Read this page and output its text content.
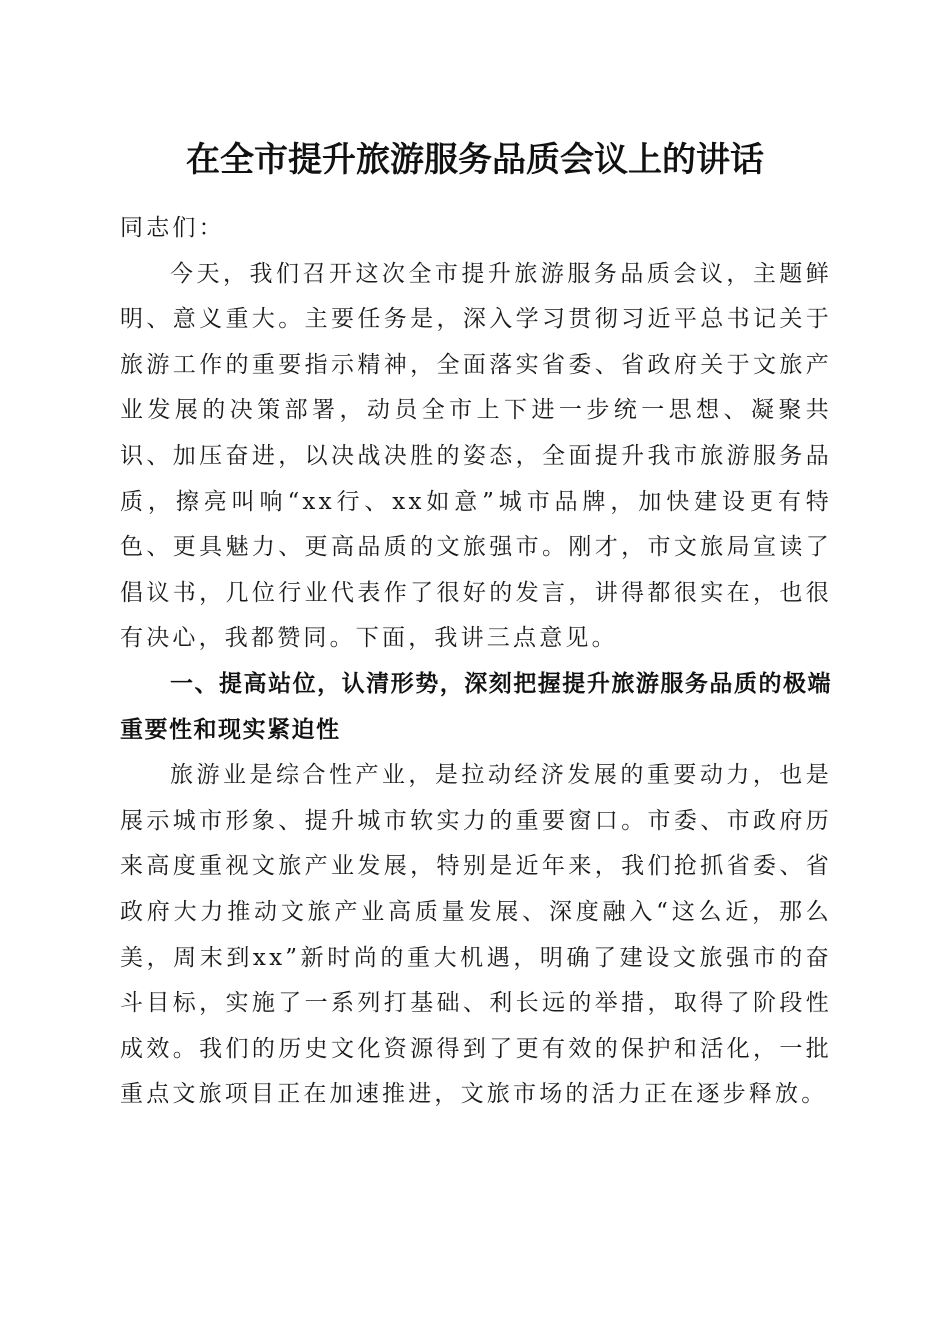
在全市提升旅游服务品质会议上的讲话

同志们：

今天，我们召开这次全市提升旅游服务品质会议，主题鲜明、意义重大。主要任务是，深入学习贯彻习近平总书记关于旅游工作的重要指示精神，全面落实省委、省政府关于文旅产业发展的决策部署，动员全市上下进一步统一思想、凝聚共识、加压奋进，以决战决胜的姿态，全面提升我市旅游服务品质，擦亮叫响“xx行、xx如意”城市品牌，加快建设更有特色、更具魅力、更高品质的文旅强市。刚才，市文旅局宣读了倡议书，几位行业代表作了很好的发言，讲得都很实在，也很有决心，我都赞同。下面，我讲三点意见。

一、提高站位，认清形势，深刻把握提升旅游服务品质的极端重要性和现实紧迫性

旅游业是综合性产业，是拉动经济发展的重要动力，也是展示城市形象、提升城市软实力的重要窗口。市委、市政府历来高度重视文旅产业发展，特别是近年来，我们抢抓省委、省政府大力推动文旅产业高质量发展、深度融入“这么近，那么美，周末到xx”新时尚的重大机遇，明确了建设文旅强市的奋斗目标，实施了一系列打基础、利长远的举措，取得了阶段性成效。我们的历史文化资源得到了更有效的保护和活化，一批重点文旅项目正在加速推进，文旅市场的活力正在逐步释放。
